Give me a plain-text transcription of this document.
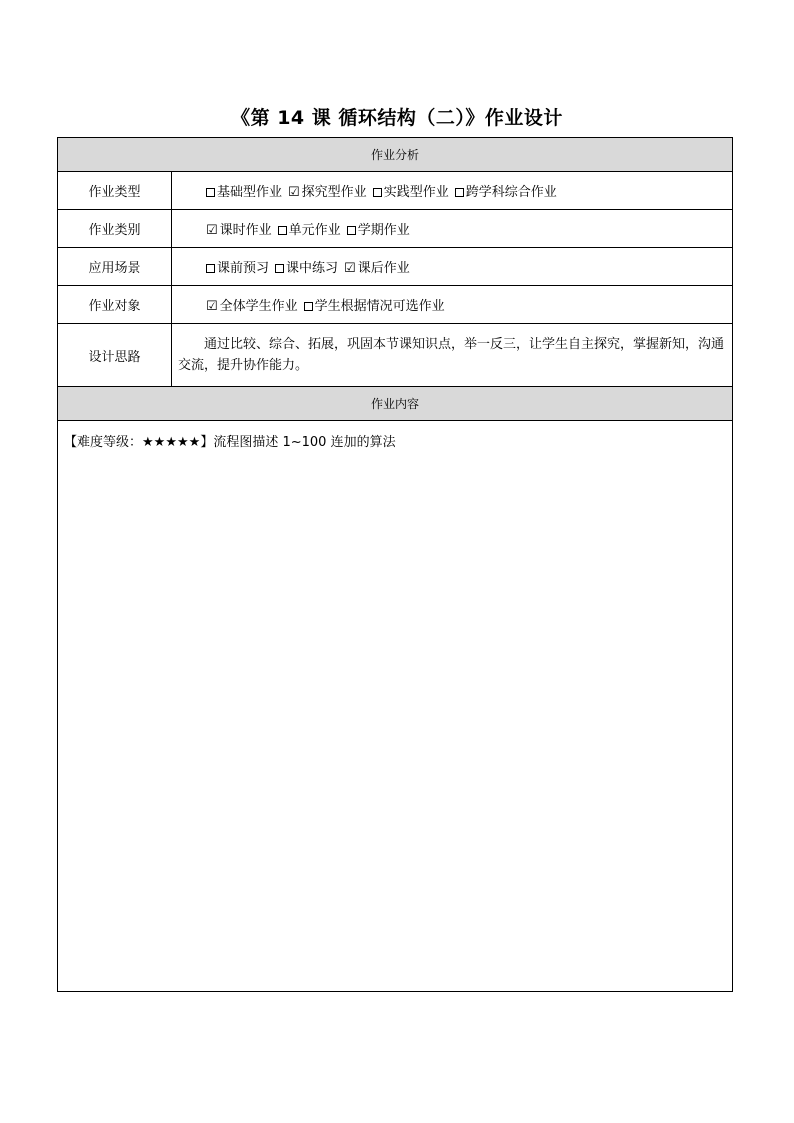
《第 14 课 循环结构（二）》作业设计
作业分析	
作业类型	基础型作业 ☑ 探究型作业 实践型作业 跨学科综合作业
作业类别	☑ 课时作业 单元作业 学期作业
应用场景	课前预习 课中练习 ☑ 课后作业
作业对象	☑ 全体学生作业 学生根据情况可选作业
设计思路	通过比较、综合、拓展，巩固本节课知识点，举一反三，让学生自主探究，掌握新知，沟通交流，提升协作能力。
作业内容	
【难度等级：★★★★★】流程图描述 1~100 连加的算法	
